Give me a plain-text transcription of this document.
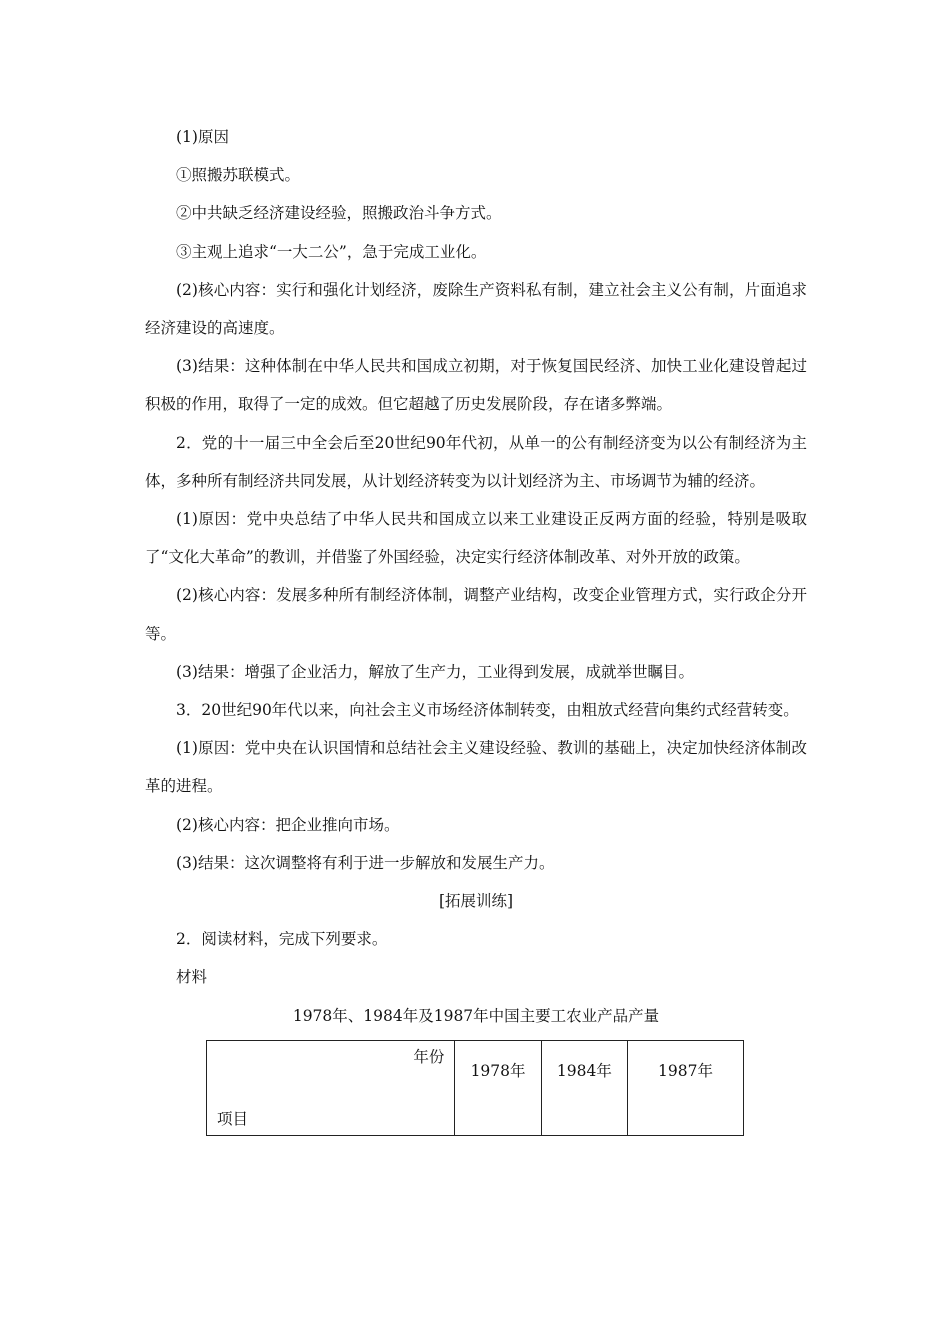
(1)原因

①照搬苏联模式。

②中共缺乏经济建设经验，照搬政治斗争方式。

③主观上追求“一大二公”，急于完成工业化。

(2)核心内容：实行和强化计划经济，废除生产资料私有制，建立社会主义公有制，片面追求经济建设的高速度。

(3)结果：这种体制在中华人民共和国成立初期，对于恢复国民经济、加快工业化建设曾起过积极的作用，取得了一定的成效。但它超越了历史发展阶段，存在诸多弊端。

2．党的十一届三中全会后至20世纪90年代初，从单一的公有制经济变为以公有制经济为主体，多种所有制经济共同发展，从计划经济转变为以计划经济为主、市场调节为辅的经济。

(1)原因：党中央总结了中华人民共和国成立以来工业建设正反两方面的经验，特别是吸取了“文化大革命”的教训，并借鉴了外国经验，决定实行经济体制改革、对外开放的政策。

(2)核心内容：发展多种所有制经济体制，调整产业结构，改变企业管理方式，实行政企分开等。

(3)结果：增强了企业活力，解放了生产力，工业得到发展，成就举世瞩目。

3．20世纪90年代以来，向社会主义市场经济体制转变，由粗放式经营向集约式经营转变。

(1)原因：党中央在认识国情和总结社会主义建设经验、教训的基础上，决定加快经济体制改革的进程。

(2)核心内容：把企业推向市场。

(3)结果：这次调整将有利于进一步解放和发展生产力。

[拓展训练]

2．阅读材料，完成下列要求。

材料

1978年、1984年及1987年中国主要工农业产品产量

年份
项目
	1978年	1984年	1987年
